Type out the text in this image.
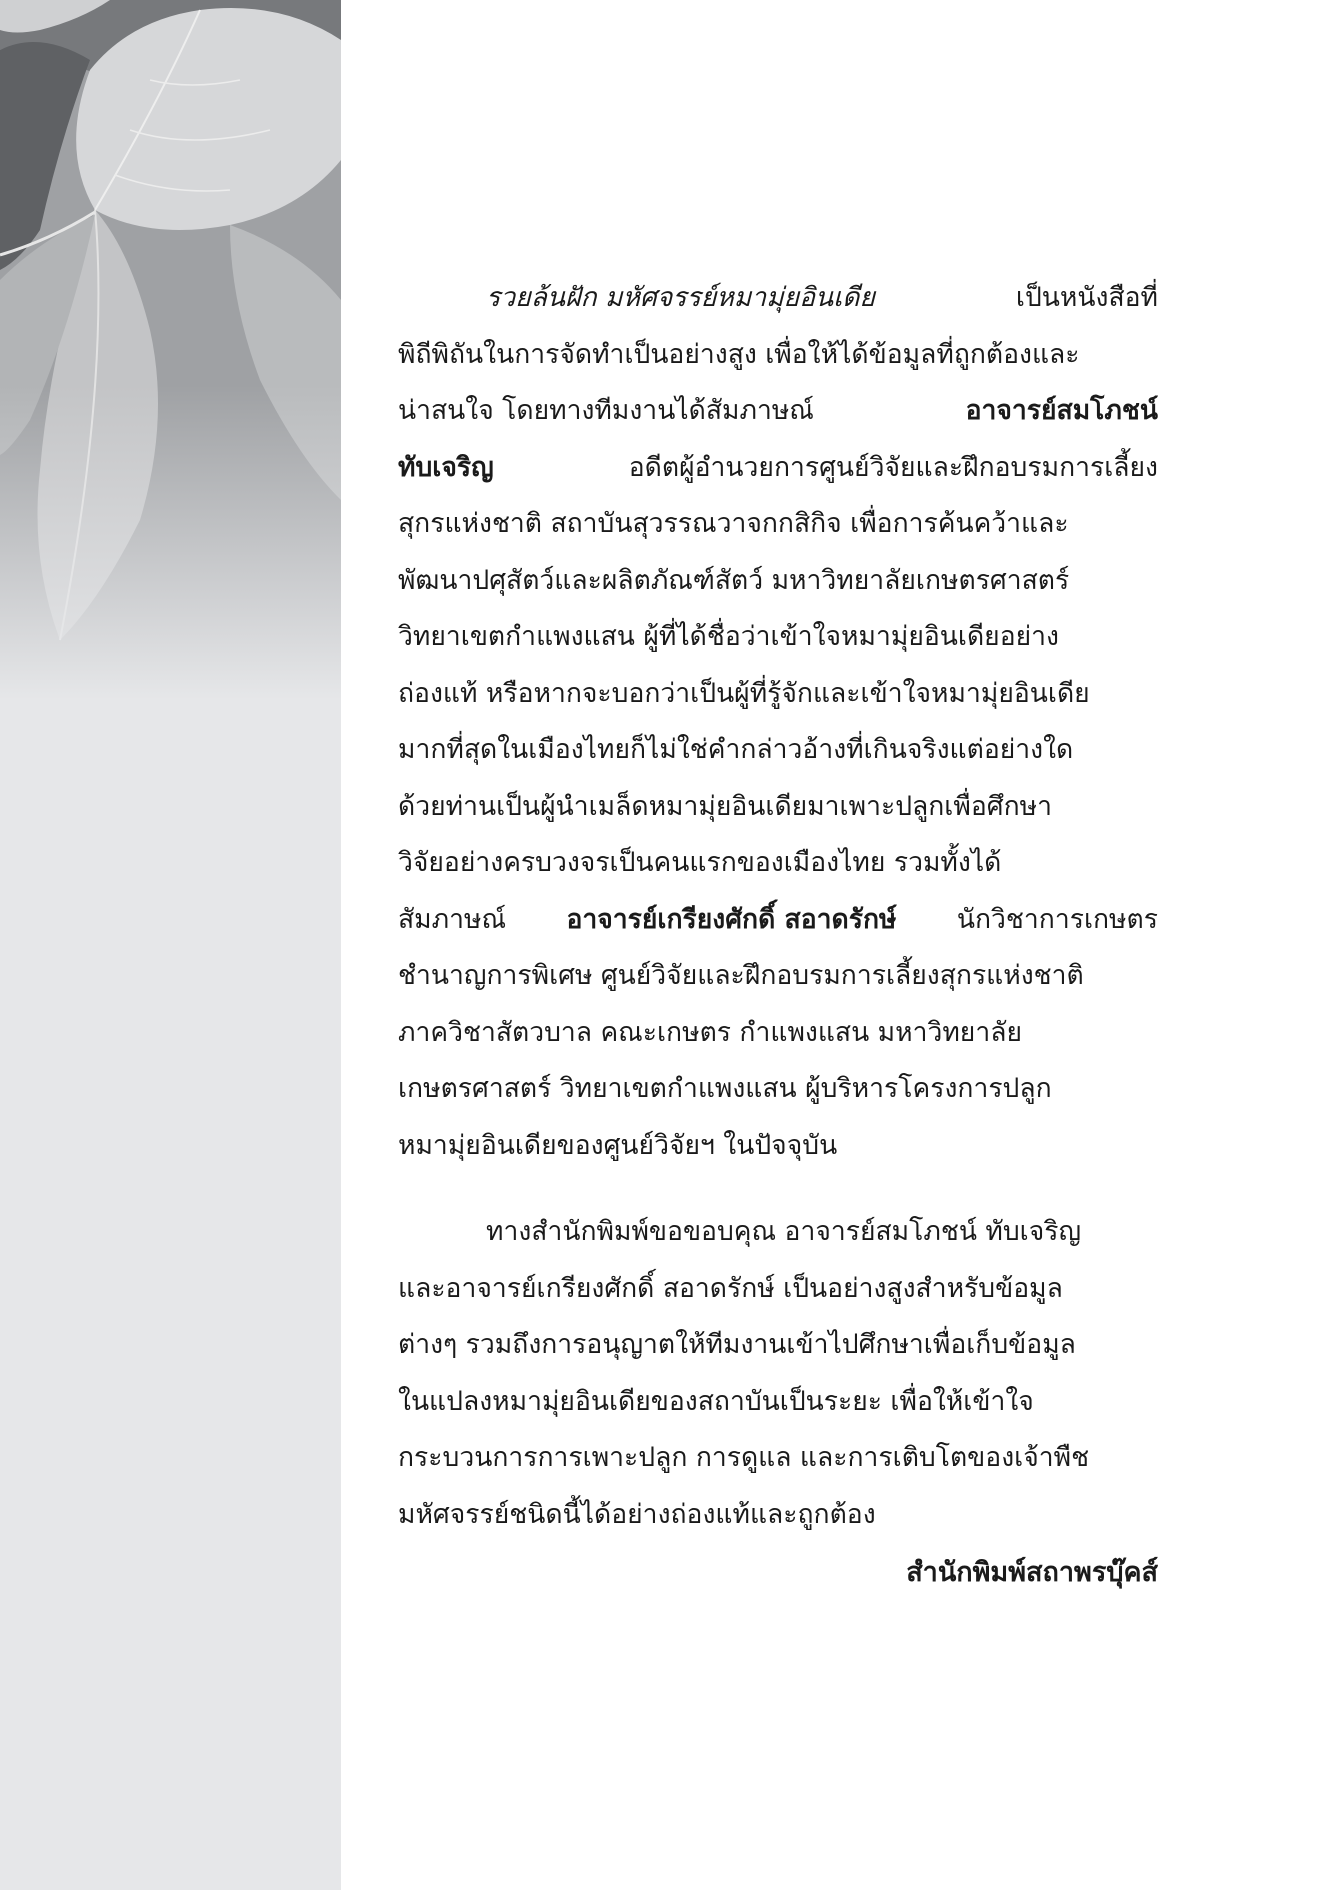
รวยล้นฝัก มหัศจรรย์หมามุ่ยอินเดีย	เป็นหนังสือที่
พิถีพิถันในการจัดทำเป็นอย่างสูง เพื่อให้ได้ข้อมูลที่ถูกต้องและ
น่าสนใจ โดยทางทีมงานได้สัมภาษณ์	อาจารย์สมโภชน์
ทับเจริญ	อดีตผู้อำนวยการศูนย์วิจัยและฝึกอบรมการเลี้ยง
สุกรแห่งชาติ สถาบันสุวรรณวาจกกสิกิจ เพื่อการค้นคว้าและ
พัฒนาปศุสัตว์และผลิตภัณฑ์สัตว์ มหาวิทยาลัยเกษตรศาสตร์
วิทยาเขตกำแพงแสน ผู้ที่ได้ชื่อว่าเข้าใจหมามุ่ยอินเดียอย่าง
ถ่องแท้ หรือหากจะบอกว่าเป็นผู้ที่รู้จักและเข้าใจหมามุ่ยอินเดีย
มากที่สุดในเมืองไทยก็ไม่ใช่คำกล่าวอ้างที่เกินจริงแต่อย่างใด
ด้วยท่านเป็นผู้นำเมล็ดหมามุ่ยอินเดียมาเพาะปลูกเพื่อศึกษา
วิจัยอย่างครบวงจรเป็นคนแรกของเมืองไทย รวมทั้งได้
สัมภาษณ์ อาจารย์เกรียงศักดิ์ สอาดรักษ์ นักวิชาการเกษตร
ชำนาญการพิเศษ ศูนย์วิจัยและฝึกอบรมการเลี้ยงสุกรแห่งชาติ
ภาควิชาสัตวบาล คณะเกษตร กำแพงแสน มหาวิทยาลัย
เกษตรศาสตร์ วิทยาเขตกำแพงแสน ผู้บริหารโครงการปลูก
หมามุ่ยอินเดียของศูนย์วิจัยฯ ในปัจจุบัน

ทางสำนักพิมพ์ขอขอบคุณ อาจารย์สมโภชน์ ทับเจริญ
และอาจารย์เกรียงศักดิ์ สอาดรักษ์ เป็นอย่างสูงสำหรับข้อมูล
ต่างๆ รวมถึงการอนุญาตให้ทีมงานเข้าไปศึกษาเพื่อเก็บข้อมูล
ในแปลงหมามุ่ยอินเดียของสถาบันเป็นระยะ เพื่อให้เข้าใจ
กระบวนการการเพาะปลูก การดูแล และการเติบโตของเจ้าพืช
มหัศจรรย์ชนิดนี้ได้อย่างถ่องแท้และถูกต้อง

สำนักพิมพ์สถาพรบุ๊คส์
